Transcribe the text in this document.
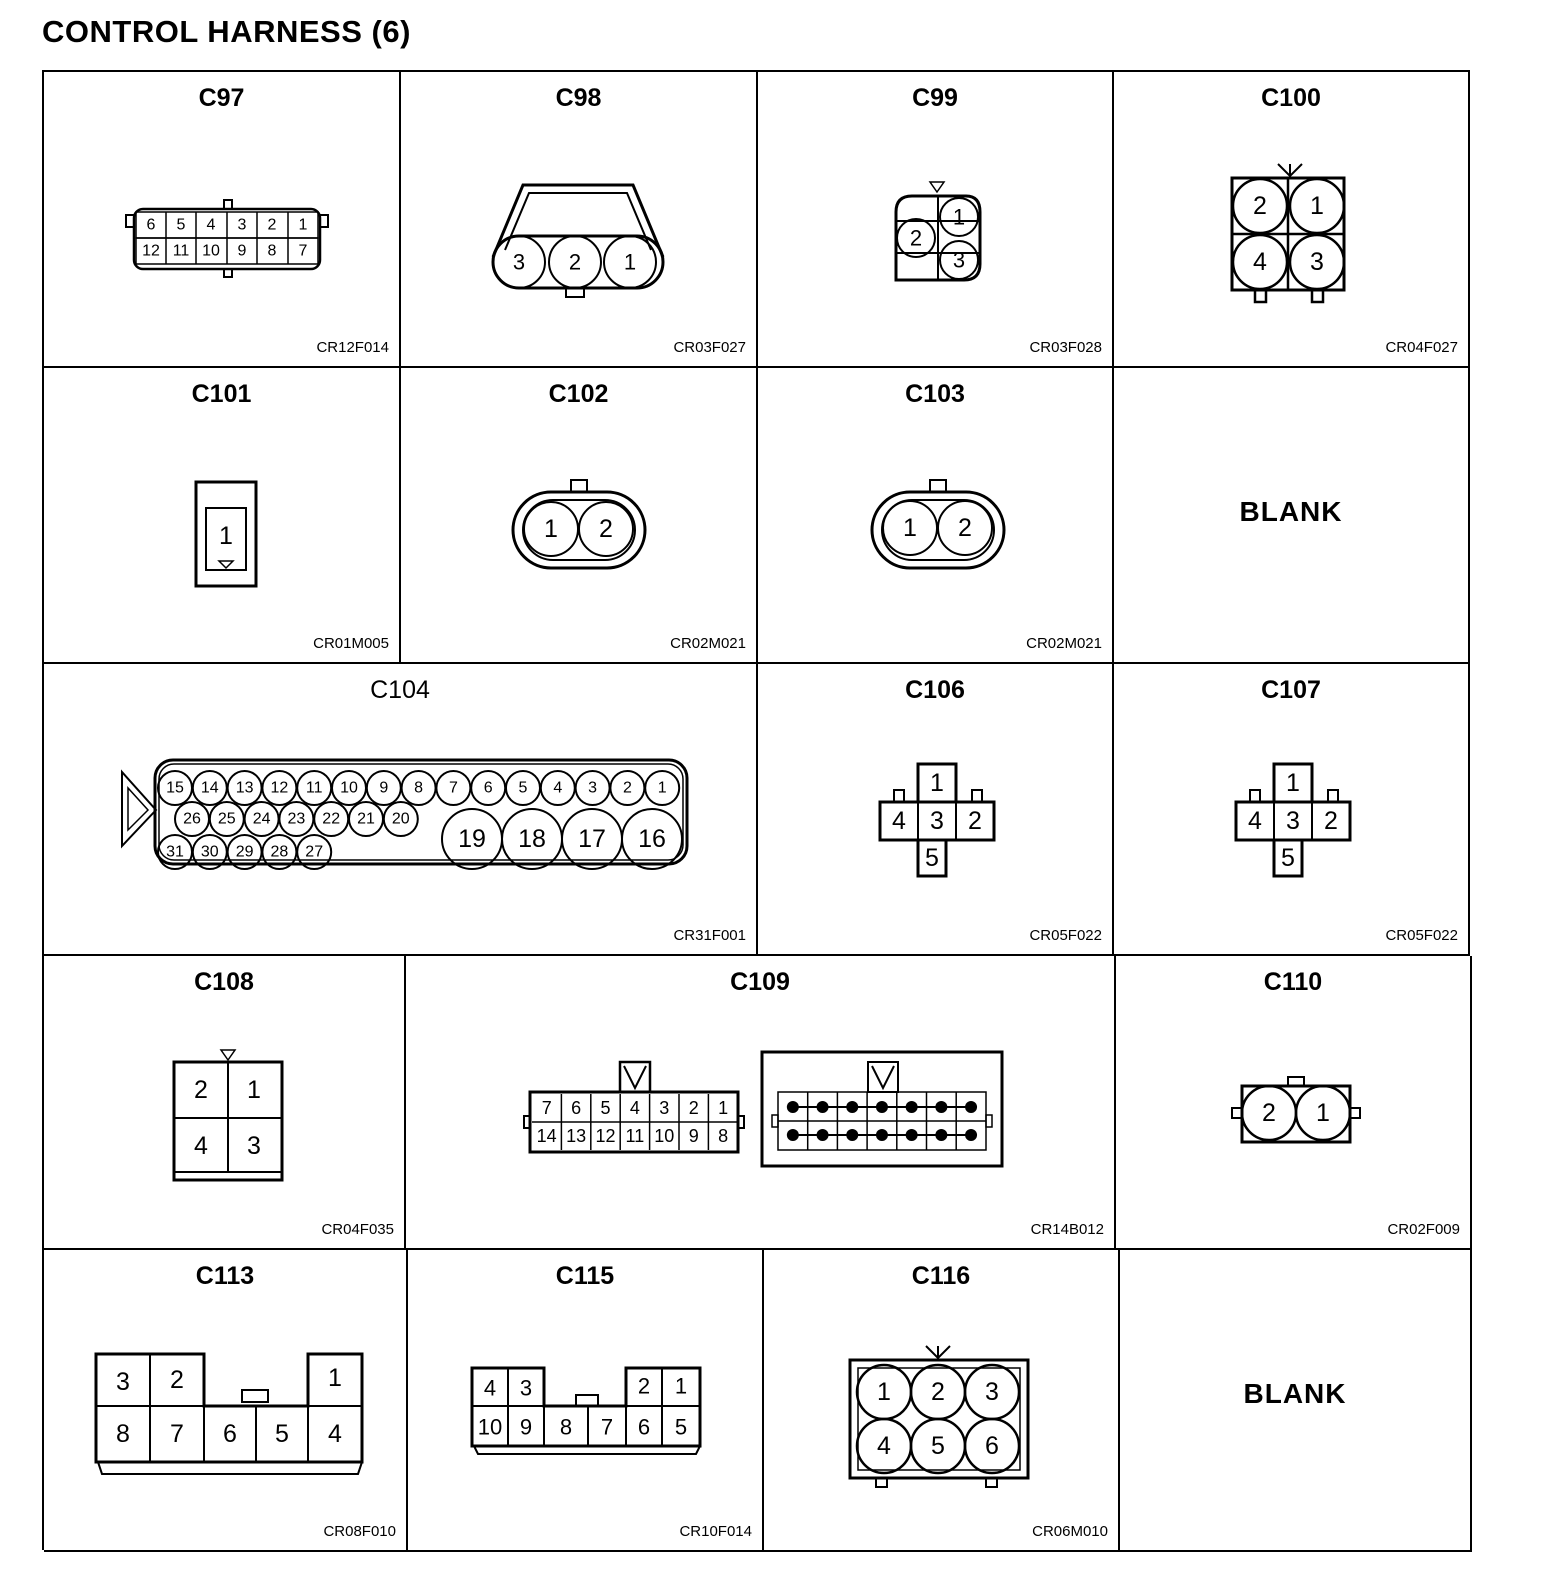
CONTROL HARNESS (6)
C97
6 5 4 3 2 1
12 11 10 9 8 7
CR12F014
C98
3 2 1
CR03F027
C99
1
2
3
CR03F028
C100
2 1
4 3
CR04F027
C101
1
CR01M005
C102
1 2
CR02M021
C103
1 2
CR02M021
BLANK
C104
15 14 13 12 11 10 9 8 7 6 5 4 3 2 1
26 25 24 23 22 21 20
31 30 29 28 27	19 18 17 16
CR31F001
C106
1
4 3 2
5
CR05F022
C107
1
4 3 2
5
CR05F022
C108
2 1
4 3
CR04F035
C109
7 6 5 4 3 2 1
14 13 12 11 10 9 8
CR14B012
C110
2 1
CR02F009
C113
3 2	1
8 7 6 5 4
CR08F010
C115
4 3	2 1
10 9 8 7 6 5
CR10F014
C116
1 2 3
4 5 6
CR06M010
BLANK
